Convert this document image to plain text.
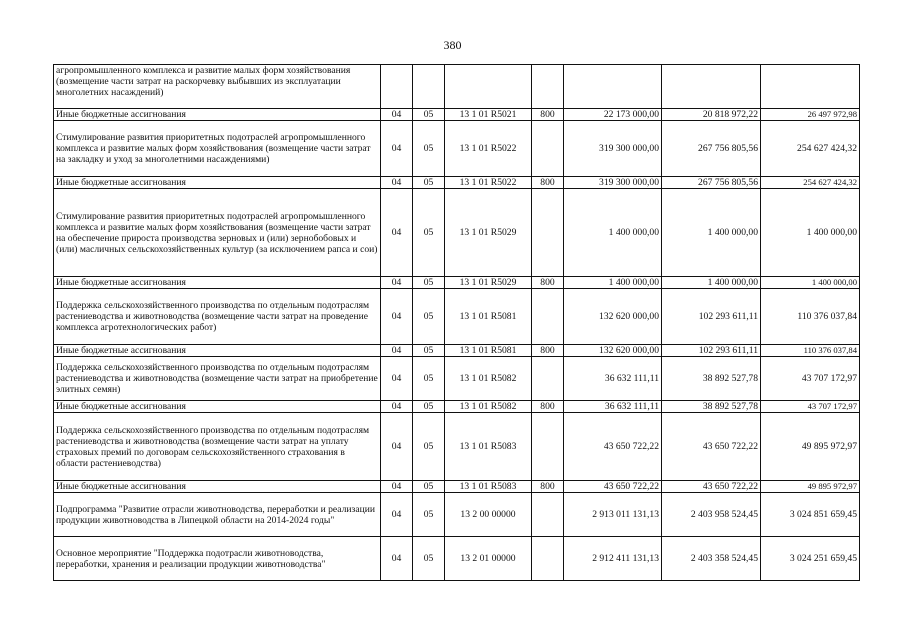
380
агропромышленного комплекса и развитие малых форм хозяйствования (возмещение части затрат на раскорчевку выбывших из эксплуатации многолетних насаждений)							
Иные бюджетные ассигнования	04	05	13 1 01 R5021	800	22 173 000,00	20 818 972,22	26 497 972,98
Стимулирование развития приоритетных подотраслей агропромышленного комплекса и развитие малых форм хозяйствования (возмещение части затрат на закладку и уход за многолетними насаждениями)	04	05	13 1 01 R5022		319 300 000,00	267 756 805,56	254 627 424,32
Иные бюджетные ассигнования	04	05	13 1 01 R5022	800	319 300 000,00	267 756 805,56	254 627 424,32
Стимулирование развития приоритетных подотраслей агропромышленного комплекса и развитие малых форм хозяйствования (возмещение части затрат на обеспечение прироста производства зерновых и (или) зернобобовых и (или) масличных сельскохозяйственных культур (за исключением рапса и сои)	04	05	13 1 01 R5029		1 400 000,00	1 400 000,00	1 400 000,00
Иные бюджетные ассигнования	04	05	13 1 01 R5029	800	1 400 000,00	1 400 000,00	1 400 000,00
Поддержка сельскохозяйственного производства по отдельным подотраслям растениеводства и животноводства (возмещение части затрат на проведение комплекса агротехнологических работ)	04	05	13 1 01 R5081		132 620 000,00	102 293 611,11	110 376 037,84
Иные бюджетные ассигнования	04	05	13 1 01 R5081	800	132 620 000,00	102 293 611,11	110 376 037,84
Поддержка сельскохозяйственного производства по отдельным подотраслям растениеводства и животноводства (возмещение части затрат на приобретение элитных семян)	04	05	13 1 01 R5082		36 632 111,11	38 892 527,78	43 707 172,97
Иные бюджетные ассигнования	04	05	13 1 01 R5082	800	36 632 111,11	38 892 527,78	43 707 172,97
Поддержка сельскохозяйственного производства по отдельным подотраслям растениеводства и животноводства (возмещение части затрат на уплату страховых премий по договорам сельскохозяйственного страхования в области растениеводства)	04	05	13 1 01 R5083		43 650 722,22	43 650 722,22	49 895 972,97
Иные бюджетные ассигнования	04	05	13 1 01 R5083	800	43 650 722,22	43 650 722,22	49 895 972,97
Подпрограмма "Развитие отрасли животноводства, переработки и реализации продукции животноводства в Липецкой области на 2014-2024 годы"	04	05	13 2 00 00000		2 913 011 131,13	2 403 958 524,45	3 024 851 659,45
Основное мероприятие "Поддержка подотрасли животноводства, переработки, хранения и реализации продукции животноводства"	04	05	13 2 01 00000		2 912 411 131,13	2 403 358 524,45	3 024 251 659,45
